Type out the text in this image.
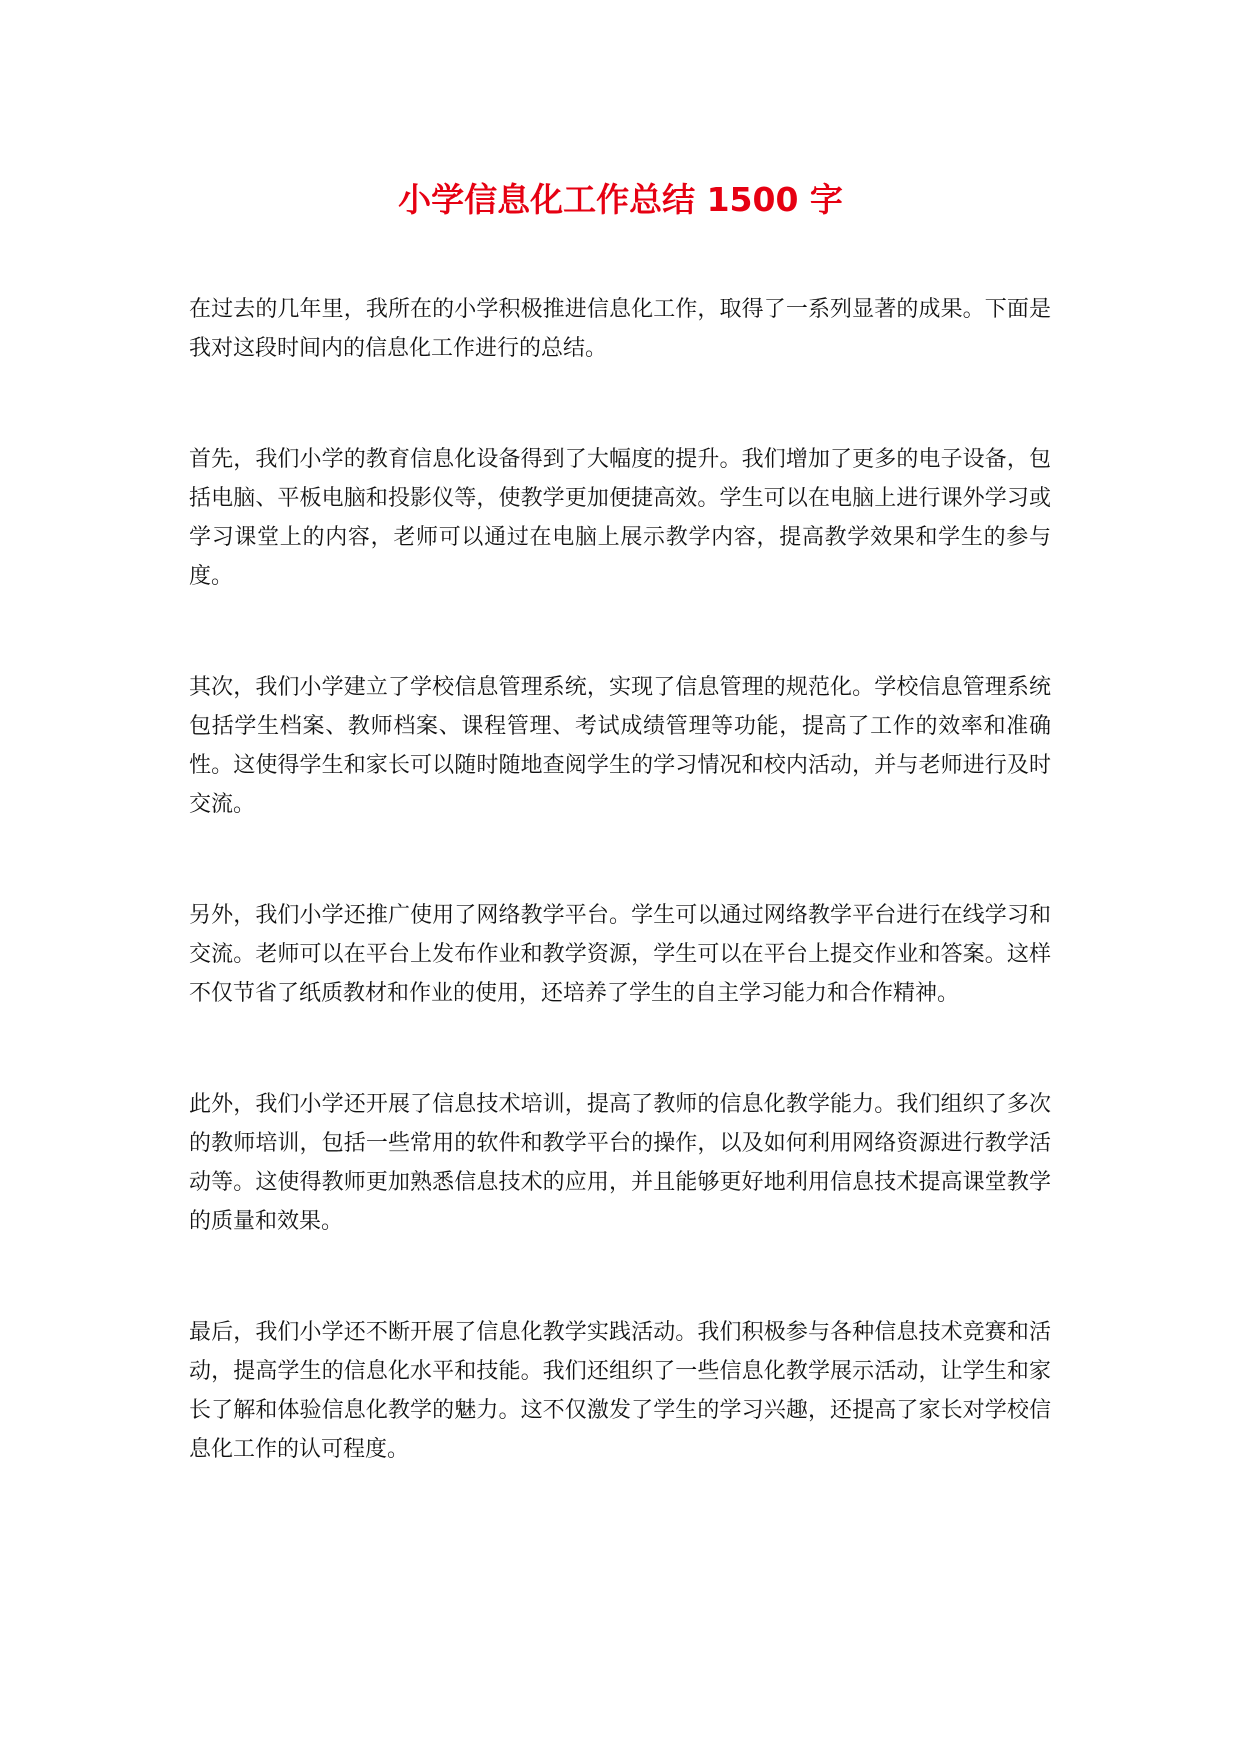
小学信息化工作总结 1500 字

在过去的几年里，我所在的小学积极推进信息化工作，取得了一系列显著的成果。下面是我对这段时间内的信息化工作进行的总结。

首先，我们小学的教育信息化设备得到了大幅度的提升。我们增加了更多的电子设备，包括电脑、平板电脑和投影仪等，使教学更加便捷高效。学生可以在电脑上进行课外学习或学习课堂上的内容，老师可以通过在电脑上展示教学内容，提高教学效果和学生的参与度。

其次，我们小学建立了学校信息管理系统，实现了信息管理的规范化。学校信息管理系统包括学生档案、教师档案、课程管理、考试成绩管理等功能，提高了工作的效率和准确性。这使得学生和家长可以随时随地查阅学生的学习情况和校内活动，并与老师进行及时交流。

另外，我们小学还推广使用了网络教学平台。学生可以通过网络教学平台进行在线学习和交流。老师可以在平台上发布作业和教学资源，学生可以在平台上提交作业和答案。这样不仅节省了纸质教材和作业的使用，还培养了学生的自主学习能力和合作精神。

此外，我们小学还开展了信息技术培训，提高了教师的信息化教学能力。我们组织了多次的教师培训，包括一些常用的软件和教学平台的操作，以及如何利用网络资源进行教学活动等。这使得教师更加熟悉信息技术的应用，并且能够更好地利用信息技术提高课堂教学的质量和效果。

最后，我们小学还不断开展了信息化教学实践活动。我们积极参与各种信息技术竞赛和活动，提高学生的信息化水平和技能。我们还组织了一些信息化教学展示活动，让学生和家长了解和体验信息化教学的魅力。这不仅激发了学生的学习兴趣，还提高了家长对学校信息化工作的认可程度。
